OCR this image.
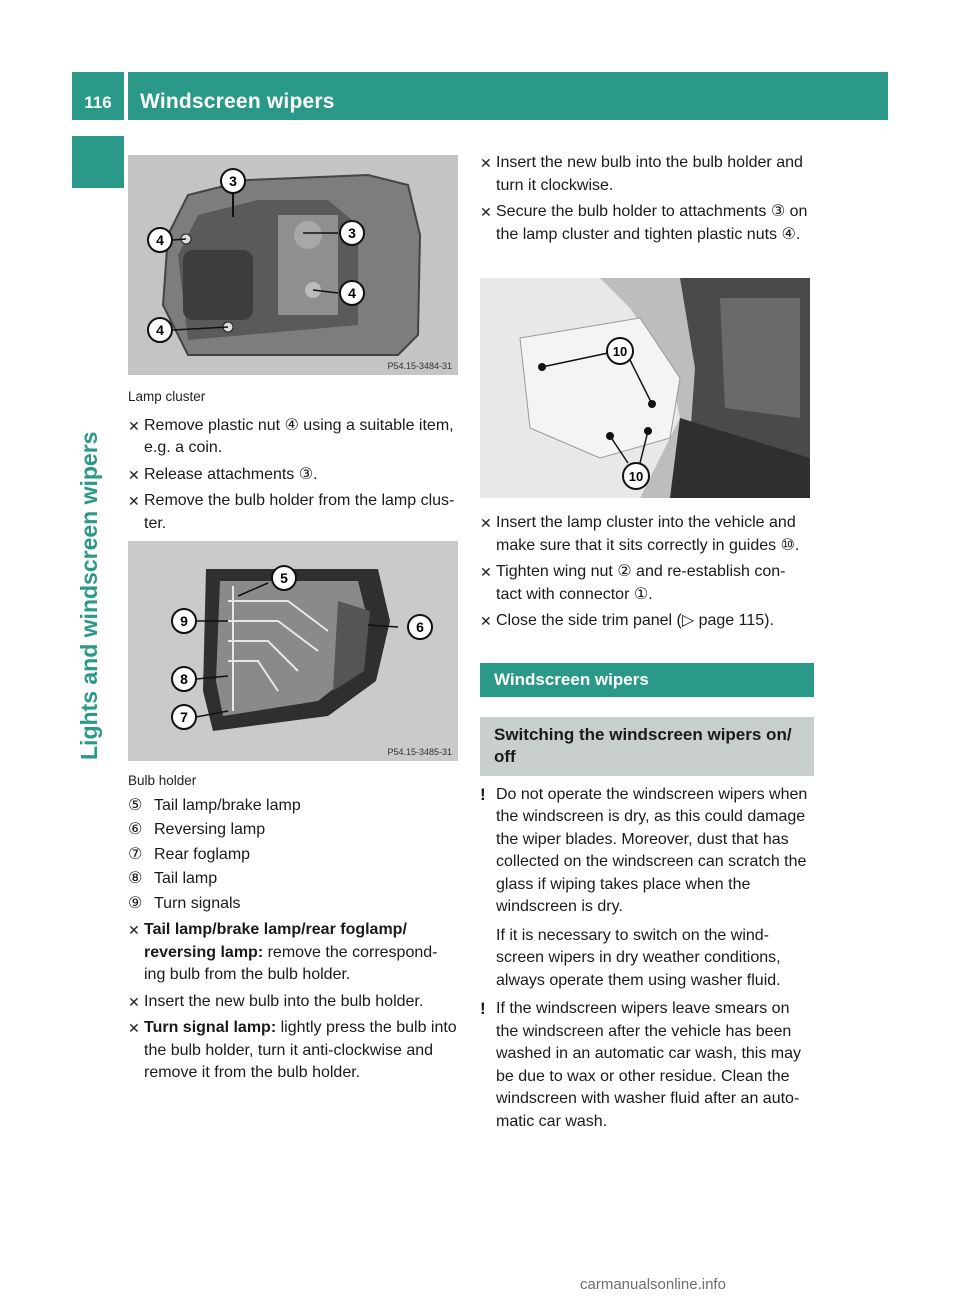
116	Windscreen wipers
Lights and windscreen wipers
3
4	3
4
4
P54.15-3484-31
Lamp cluster
✕ Remove plastic nut ④ using a suitable item, e.g. a coin.
✕ Release attachments ③.
✕ Remove the bulb holder from the lamp clus- ter.
5
6
9
8
7
P54.15-3485-31
Bulb holder
⑤ Tail lamp/brake lamp
⑥ Reversing lamp
⑦ Rear foglamp
⑧ Tail lamp
⑨ Turn signals
✕ Tail lamp/brake lamp/rear foglamp/ reversing lamp: remove the correspond- ing bulb from the bulb holder.
✕ Insert the new bulb into the bulb holder.
✕ Turn signal lamp: lightly press the bulb into the bulb holder, turn it anti-clockwise and remove it from the bulb holder.
✕ Insert the new bulb into the bulb holder and turn it clockwise.
✕ Secure the bulb holder to attachments ③ on the lamp cluster and tighten plastic nuts ④.
10
10
P54.15-3486-31
✕ Insert the lamp cluster into the vehicle and make sure that it sits correctly in guides ⑩.
✕ Tighten wing nut ② and re-establish con- tact with connector ①.
✕ Close the side trim panel (▷ page 115).
Windscreen wipers
Switching the windscreen wipers on/ off
! Do not operate the windscreen wipers when the windscreen is dry, as this could damage the wiper blades. Moreover, dust that has collected on the windscreen can scratch the glass if wiping takes place when the windscreen is dry.

If it is necessary to switch on the wind- screen wipers in dry weather conditions, always operate them using washer fluid.

! If the windscreen wipers leave smears on the windscreen after the vehicle has been washed in an automatic car wash, this may be due to wax or other residue. Clean the windscreen with washer fluid after an auto- matic car wash.

carmanualsonline.info
